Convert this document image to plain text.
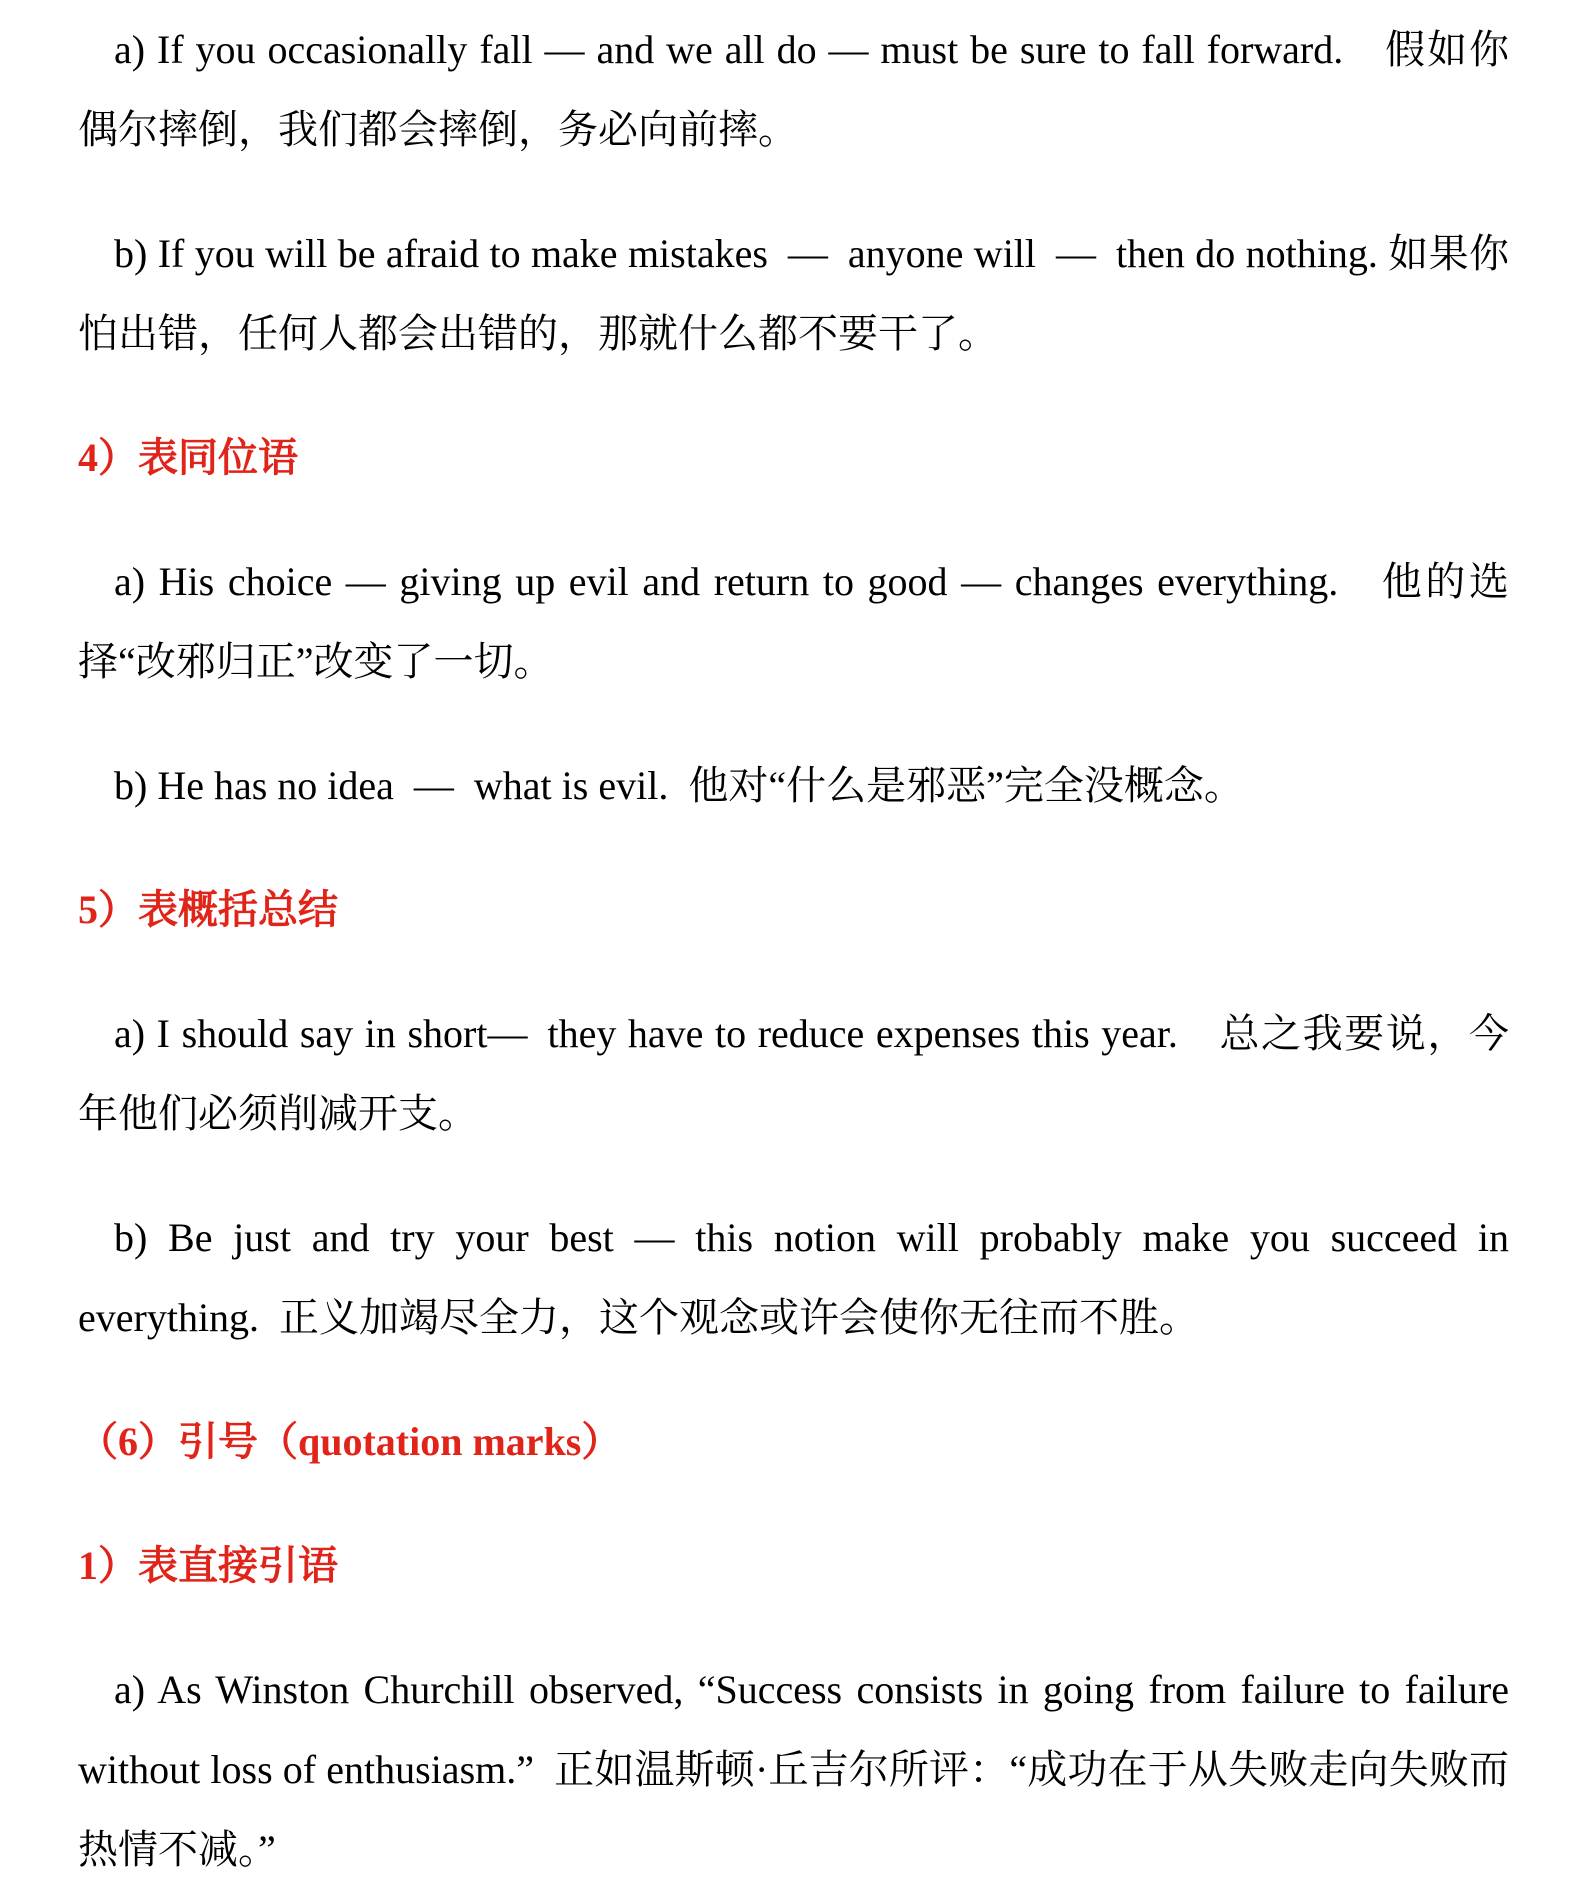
a) If you occasionally fall — and we all do — must be sure to fall forward.  假如你偶尔摔倒，我们都会摔倒，务必向前摔。

b) If you will be afraid to make mistakes — anyone will — then do nothing. 如果你怕出错，任何人都会出错的，那就什么都不要干了。

4）表同位语

a) His choice — giving up evil and return to good — changes everything.  他的选择“改邪归正”改变了一切。

b) He has no idea — what is evil. 他对“什么是邪恶”完全没概念。

5）表概括总结

a) I should say in short— they have to reduce expenses this year.  总之我要说，今年他们必须削减开支。

b) Be just and try your best — this notion will probably make you succeed in everything. 正义加竭尽全力，这个观念或许会使你无往而不胜。

（6）引号（quotation marks）
1）表直接引语

a) As Winston Churchill observed, “Success consists in going from failure to failure without loss of enthusiasm.” 正如温斯顿·丘吉尔所评：“成功在于从失败走向失败而热情不减。”
